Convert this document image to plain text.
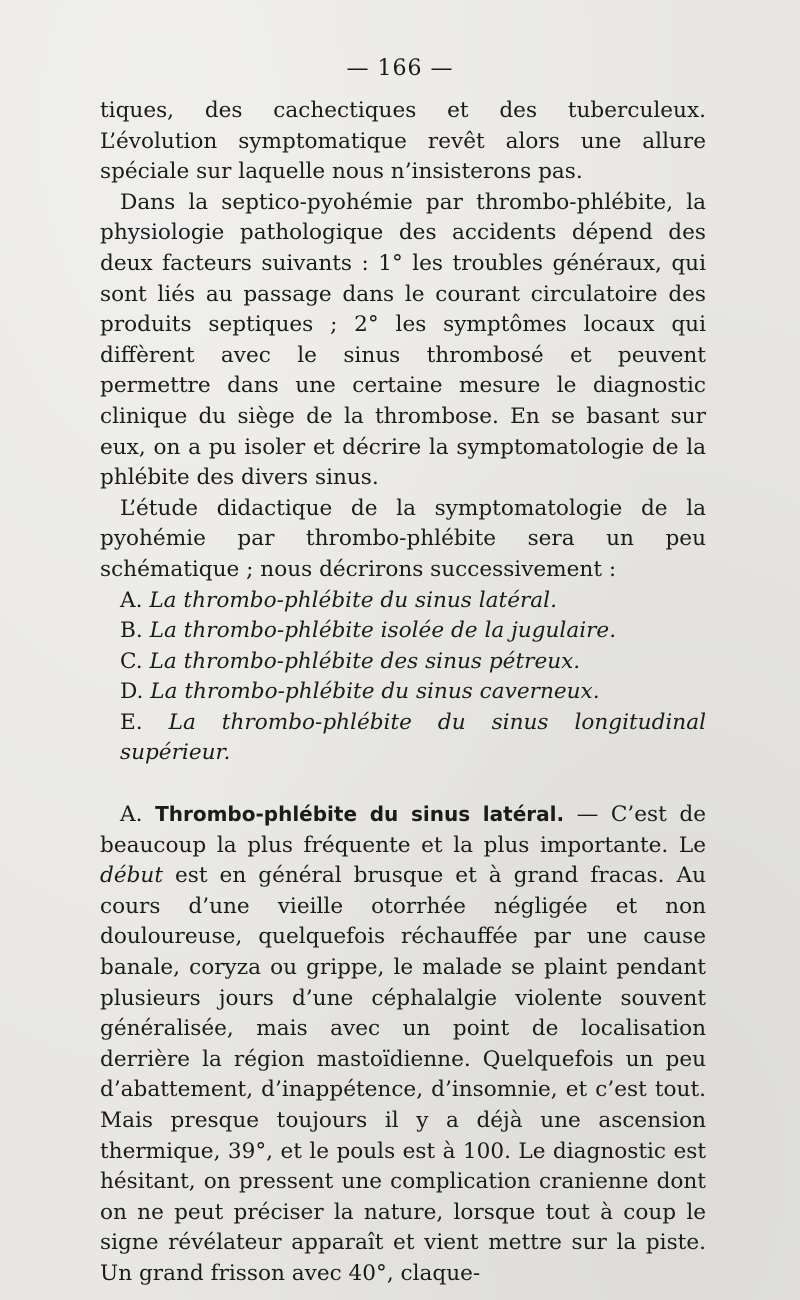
— 166 —

tiques, des cachectiques et des tuberculeux. L’évolution symptomatique revêt alors une allure spéciale sur laquelle nous n’insisterons pas.

Dans la septico-pyohémie par thrombo-phlébite, la physiologie pathologique des accidents dépend des deux facteurs suivants : 1° les troubles généraux, qui sont liés au passage dans le courant circulatoire des produits septiques ; 2° les symptômes locaux qui diffèrent avec le sinus thrombosé et peuvent permettre dans une certaine mesure le diagnostic clinique du siège de la thrombose. En se basant sur eux, on a pu isoler et décrire la symptomatologie de la phlébite des divers sinus.

L’étude didactique de la symptomatologie de la pyohémie par thrombo-phlébite sera un peu schématique ; nous décrirons successivement :

A. La thrombo-phlébite du sinus latéral.

B. La thrombo-phlébite isolée de la jugulaire.

C. La thrombo-phlébite des sinus pétreux.

D. La thrombo-phlébite du sinus caverneux.

E. La thrombo-phlébite du sinus longitudinal supérieur.

A. Thrombo-phlébite du sinus latéral. — C’est de beaucoup la plus fréquente et la plus importante. Le début est en général brusque et à grand fracas. Au cours d’une vieille otorrhée négligée et non douloureuse, quelquefois réchauffée par une cause banale, coryza ou grippe, le malade se plaint pendant plusieurs jours d’une céphalalgie violente souvent généralisée, mais avec un point de localisation derrière la région mastoïdienne. Quelquefois un peu d’abattement, d’inappétence, d’insomnie, et c’est tout. Mais presque toujours il y a déjà une ascension thermique, 39°, et le pouls est à 100. Le diagnostic est hésitant, on pressent une complication cranienne dont on ne peut préciser la nature, lorsque tout à coup le signe révélateur apparaît et vient mettre sur la piste. Un grand frisson avec 40°, claque-
